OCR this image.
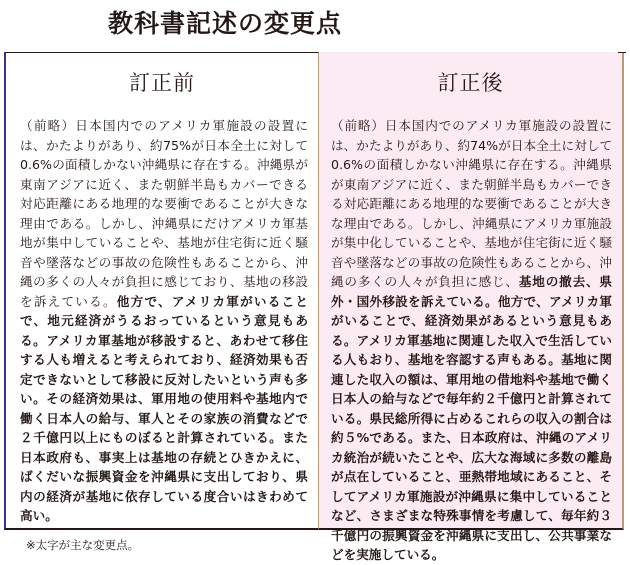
教科書記述の変更点
訂正前
（前略）日本国内でのアメリカ軍施設の設置には、かたよりがあり、約75%が日本全土に対して0.6%の面積しかない沖縄県に存在する。沖縄県が東南アジアに近く、また朝鮮半島もカバーできる対応距離にある地理的な要衝であることが大きな理由である。しかし、沖縄県にだけアメリカ軍基地が集中していることや、基地が住宅街に近く騒音や墜落などの事故の危険性もあることから、沖縄の多くの人々が負担に感じており、基地の移設を訴えている。他方で、アメリカ軍がいることで、地元経済がうるおっているという意見もある。アメリカ軍基地が移設すると、あわせて移住する人も増えると考えられており、経済効果も否定できないとして移設に反対したいという声も多い。その経済効果は、軍用地の使用料や基地内で働く日本人の給与、軍人とその家族の消費などで２千億円以上にものぼると計算されている。また日本政府も、事実上は基地の存続とひきかえに、ばくだいな振興資金を沖縄県に支出しており、県内の経済が基地に依存している度合いはきわめて高い。
訂正後
（前略）日本国内でのアメリカ軍施設の設置には、かたよりがあり、約74%が日本全土に対して0.6%の面積しかない沖縄県に存在する。沖縄県が東南アジアに近く、また朝鮮半島もカバーできる対応距離にある地理的な要衝であることが大きな理由である。しかし、沖縄県にアメリカ軍施設が集中化していることや、基地が住宅街に近く騒音や墜落などの事故の危険性もあることから、沖縄の多くの人々が負担に感じ、基地の撤去、県外・国外移設を訴えている。他方で、アメリカ軍がいることで、経済効果があるという意見もある。アメリカ軍基地に関連した収入で生活している人もおり、基地を容認する声もある。基地に関連した収入の額は、軍用地の借地料や基地で働く日本人の給与などで毎年約２千億円と計算されている。県民総所得に占めるこれらの収入の割合は約５%である。また、日本政府は、沖縄のアメリカ統治が続いたことや、広大な海域に多数の離島が点在していること、亜熱帯地域にあること、そしてアメリカ軍施設が沖縄県に集中していることなど、さまざまな特殊事情を考慮して、毎年約３千億円の振興資金を沖縄県に支出し、公共事業などを実施している。
※太字が主な変更点。
